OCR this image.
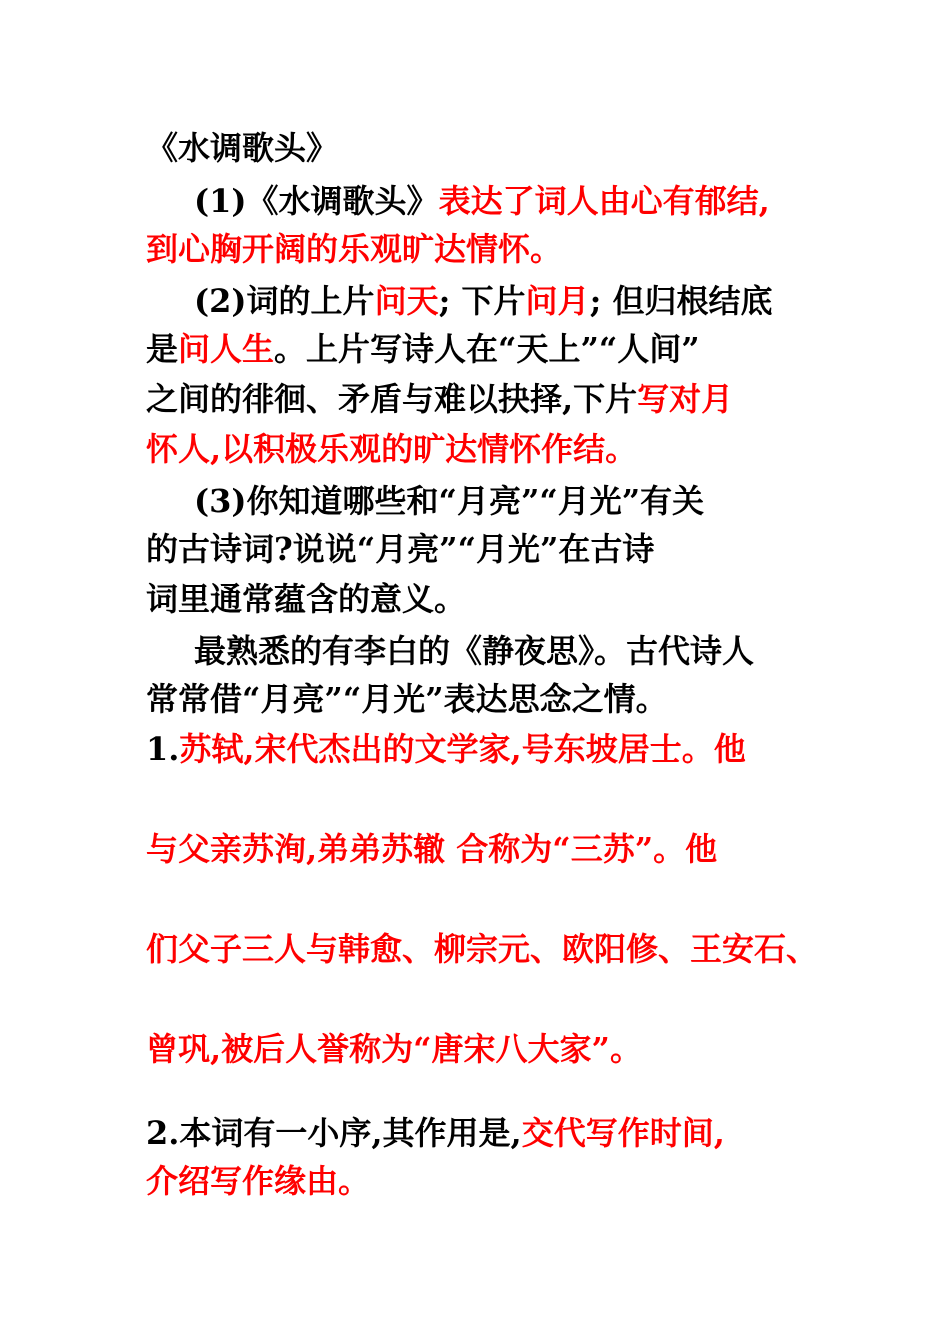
《水调歌头》
(1)《水调歌头》表达了词人由心有郁结,
到心胸开阔的乐观旷达情怀。
(2)词的上片问天; 下片问月; 但归根结底
是问人生。上片写诗人在“天上”“人间”
之间的徘徊、矛盾与难以抉择,下片写对月
怀人,以积极乐观的旷达情怀作结。
(3)你知道哪些和“月亮”“月光”有关
的古诗词?说说“月亮”“月光”在古诗
词里通常蕴含的意义。
最熟悉的有李白的《静夜思》。古代诗人
常常借“月亮”“月光”表达思念之情。
1.苏轼,宋代杰出的文学家,号东坡居士。他
与父亲苏洵,弟弟苏辙 合称为“三苏”。他
们父子三人与韩愈、柳宗元、欧阳修、王安石、
曾巩,被后人誉称为“唐宋八大家”。
2.本词有一小序,其作用是,交代写作时间,
介绍写作缘由。
